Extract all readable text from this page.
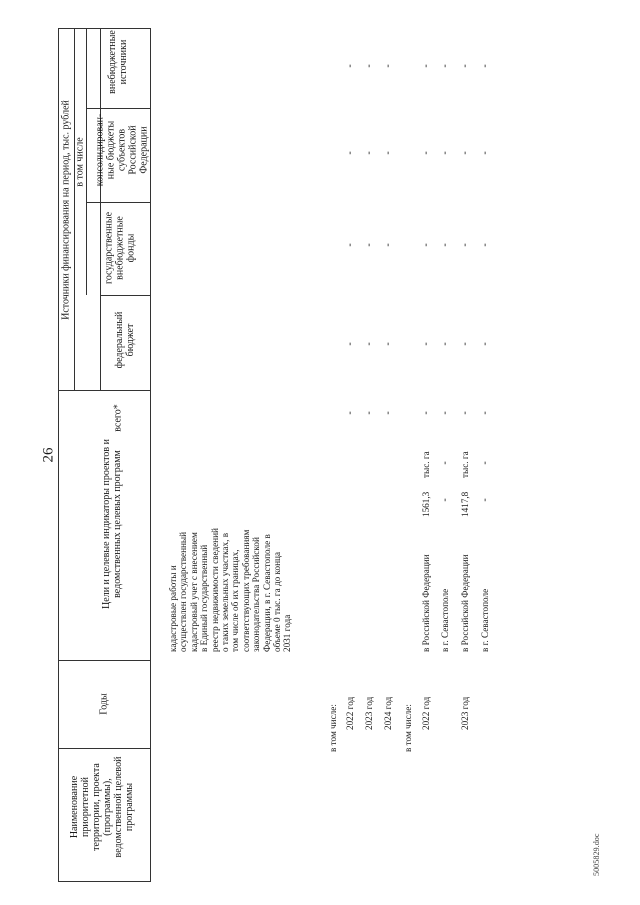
26
5005829.doc
Наименование
приоритетной
территории, проекта
(программы),
ведомственной целевой
программы
Годы
Цели и целевые индикаторы проектов и
ведомственных целевых программ
Источники финансирования на период, тыс. рублей
всего*
в том числе
федеральный
бюджет
государственные
внебюджетные
фонды
консолидирован-
ные бюджеты
субъектов
Российской
Федерации
внебюджетные
источники
кадастровые работы и
осуществлен государственный
кадастровый учет с внесением
в Единый государственный
реестр недвижимости сведений
о таких земельных участках, в
том числе об их границах,
соответствующих требованиям
законодательства Российской
Федерации, в г. Севастополе в
объеме 0 тыс. га до конца
2031 года
в том числе: 2022 год
-
-
-
-
-
2023 год
-
-
-
-
-
2024 год
-
-
-
-
-
в том числе: 2022 год
в Российской Федерации
1561,3
тыс. га
-
-
-
-
-
в г. Севастополе
-
-
-
-
-
-
-
2023 год
в Российской Федерации
1417,8
тыс. га
-
-
-
-
-
в г. Севастополе
-
-
-
-
-
-
-
